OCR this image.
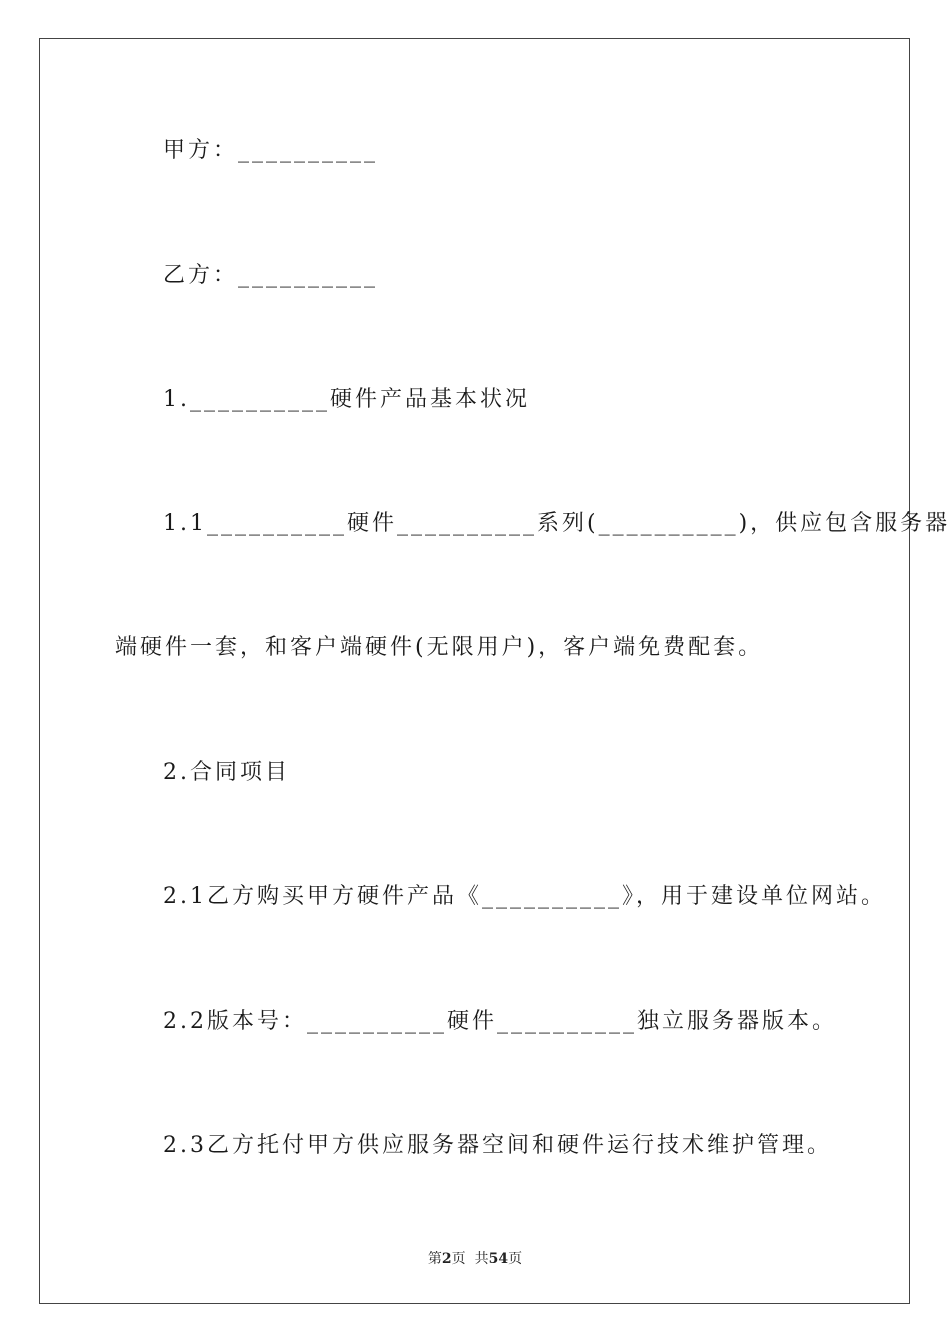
甲方：__________
乙方：__________
1.__________硬件产品基本状况
1.1__________硬件__________系列(__________)，供应包含服务器
端硬件一套，和客户端硬件(无限用户)，客户端免费配套。
2.合同项目
2.1乙方购买甲方硬件产品《__________》，用于建设单位网站。
2.2版本号：__________硬件__________独立服务器版本。
2.3乙方托付甲方供应服务器空间和硬件运行技术维护管理。
第2页  共54页
